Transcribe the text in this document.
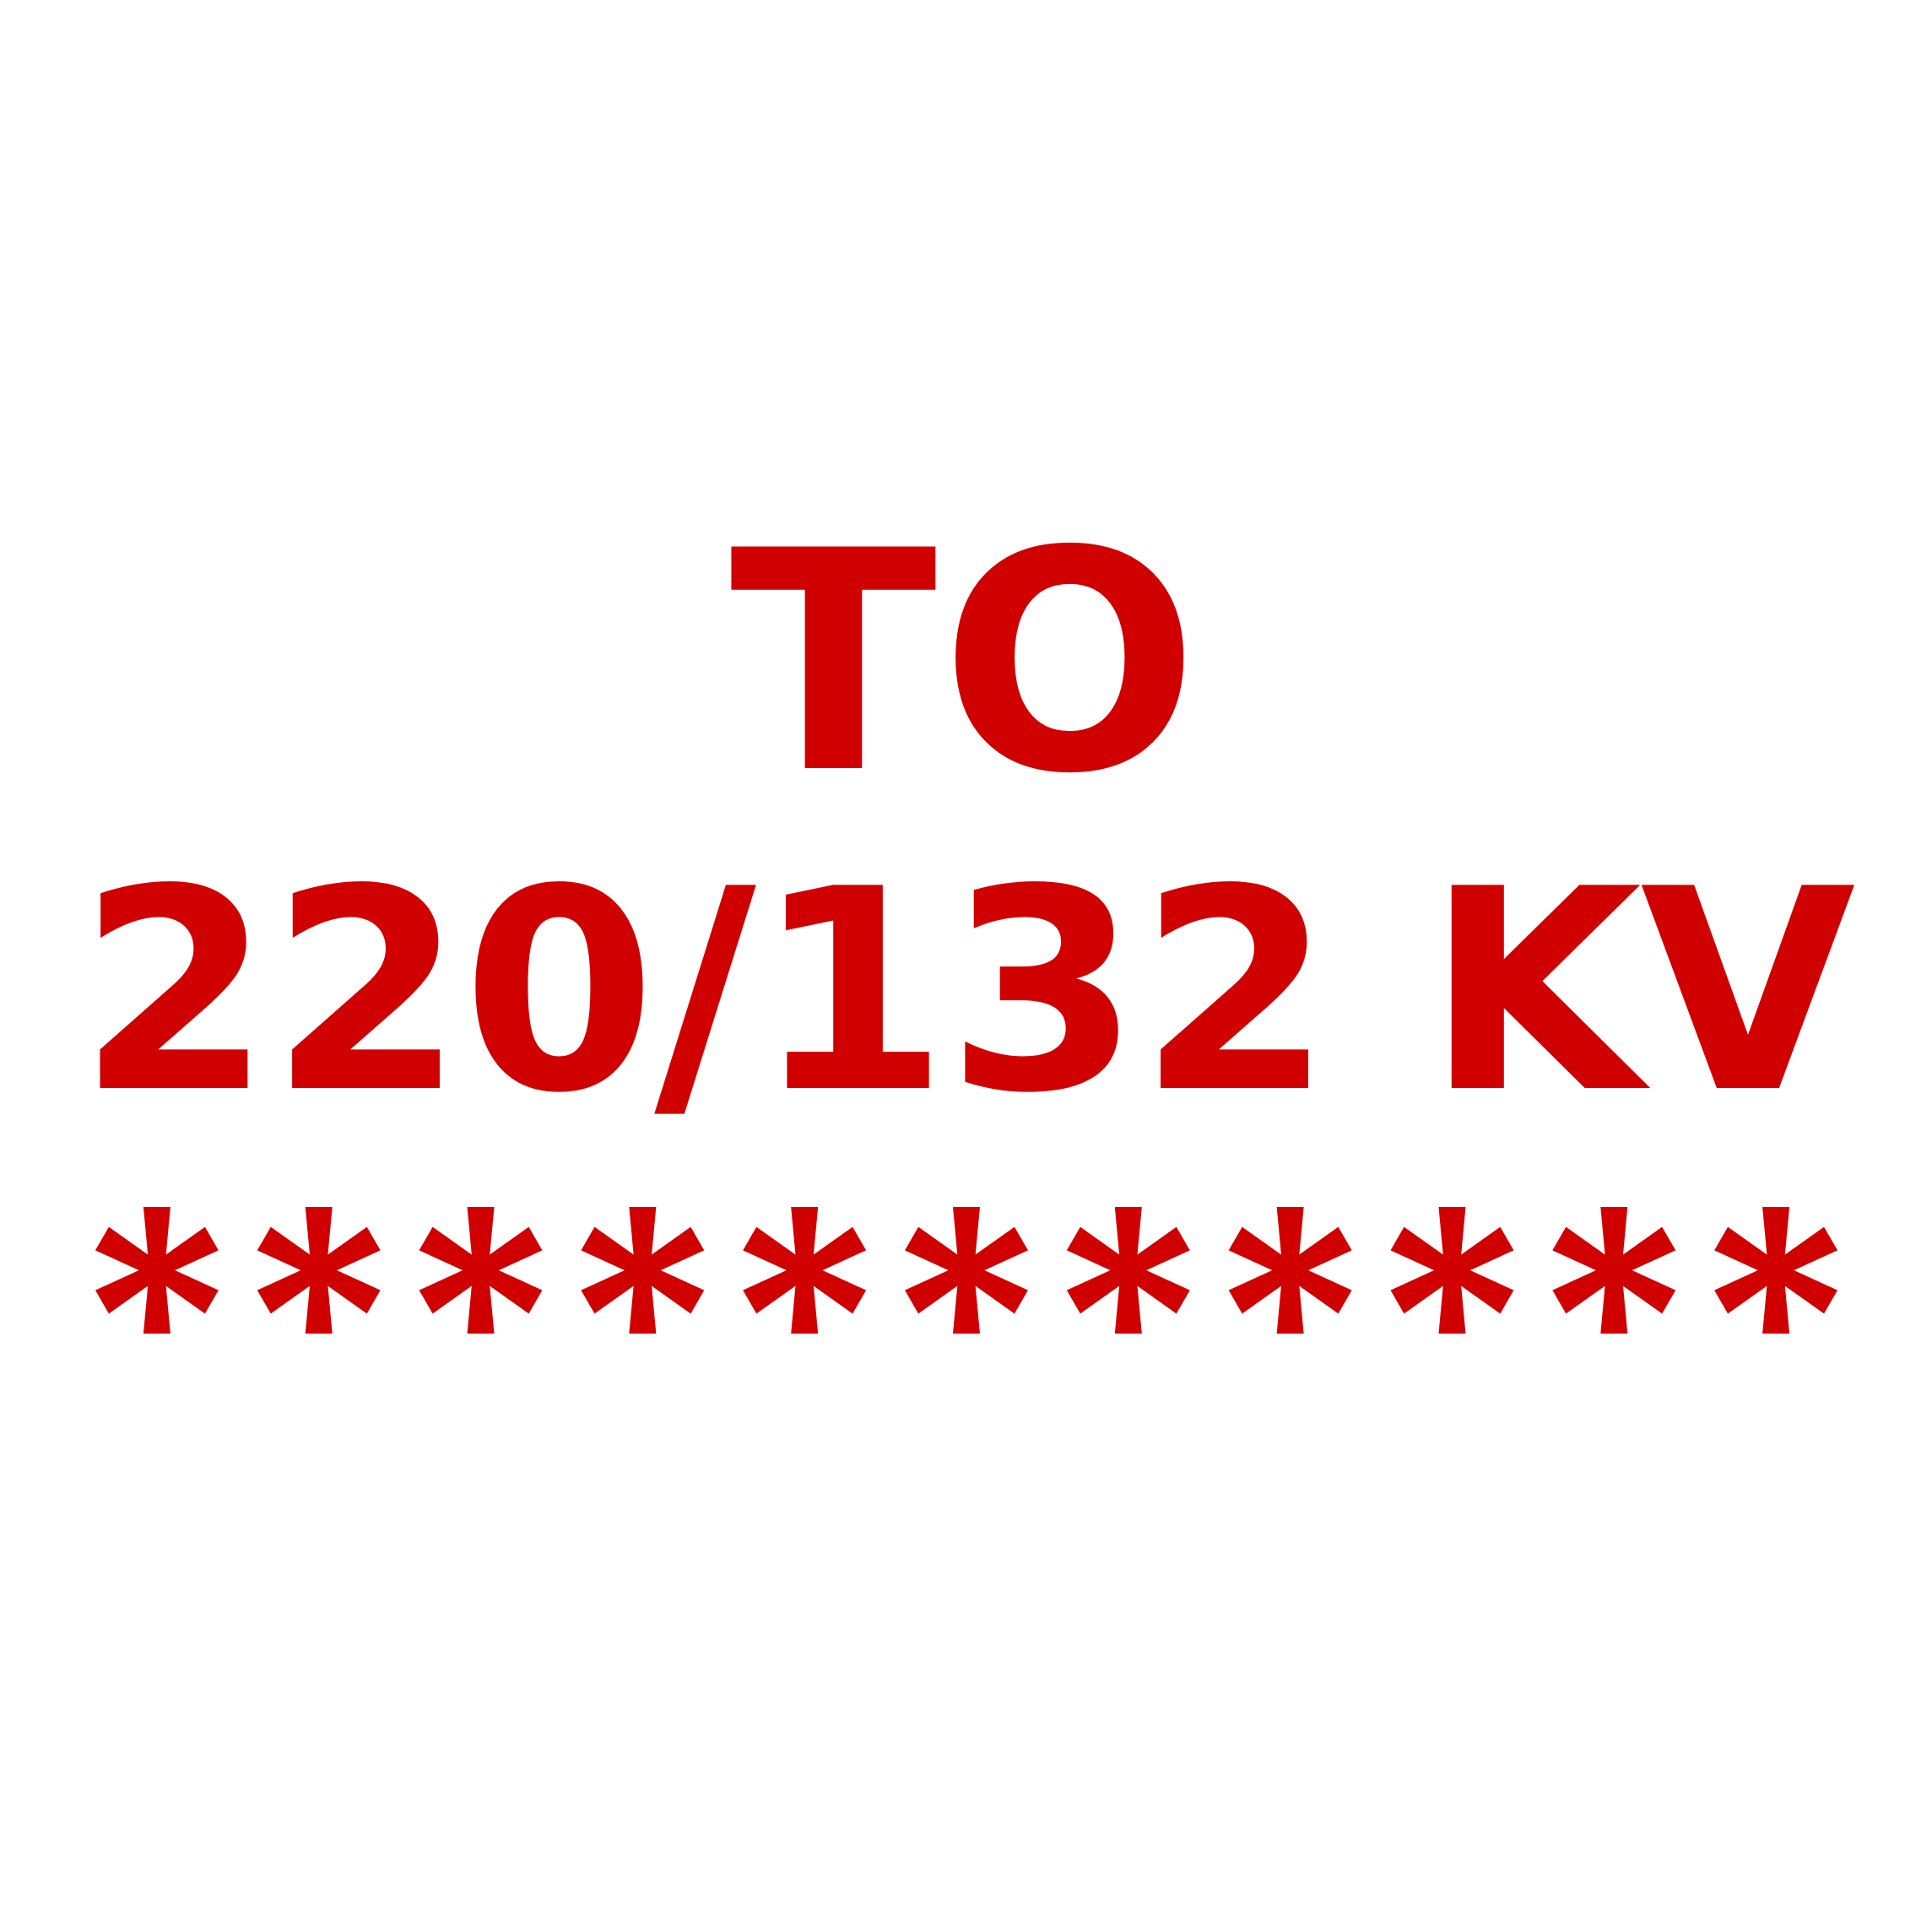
TO
220/132 KV
